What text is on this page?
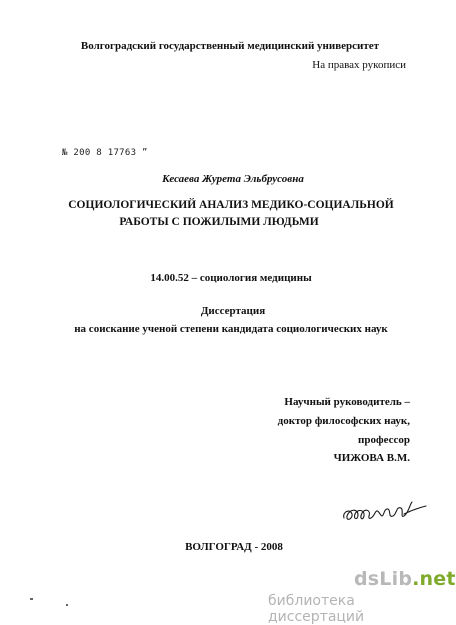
Волгоградский государственный медицинский университет
На правах рукописи
№ 200 8 17763 ”
Кесаева Журета Эльбрусовна
СОЦИОЛОГИЧЕСКИЙ АНАЛИЗ МЕДИКО-СОЦИАЛЬНОЙ
РАБОТЫ С ПОЖИЛЫМИ ЛЮДЬМИ
14.00.52 – социология медицины
Диссертация
на соискание ученой степени кандидата социологических наук
Научный руководитель –
доктор философских наук,
профессор
ЧИЖОВА В.М.
ВОЛГОГРАД - 2008
dsLib.net
библиотека диссертаций
